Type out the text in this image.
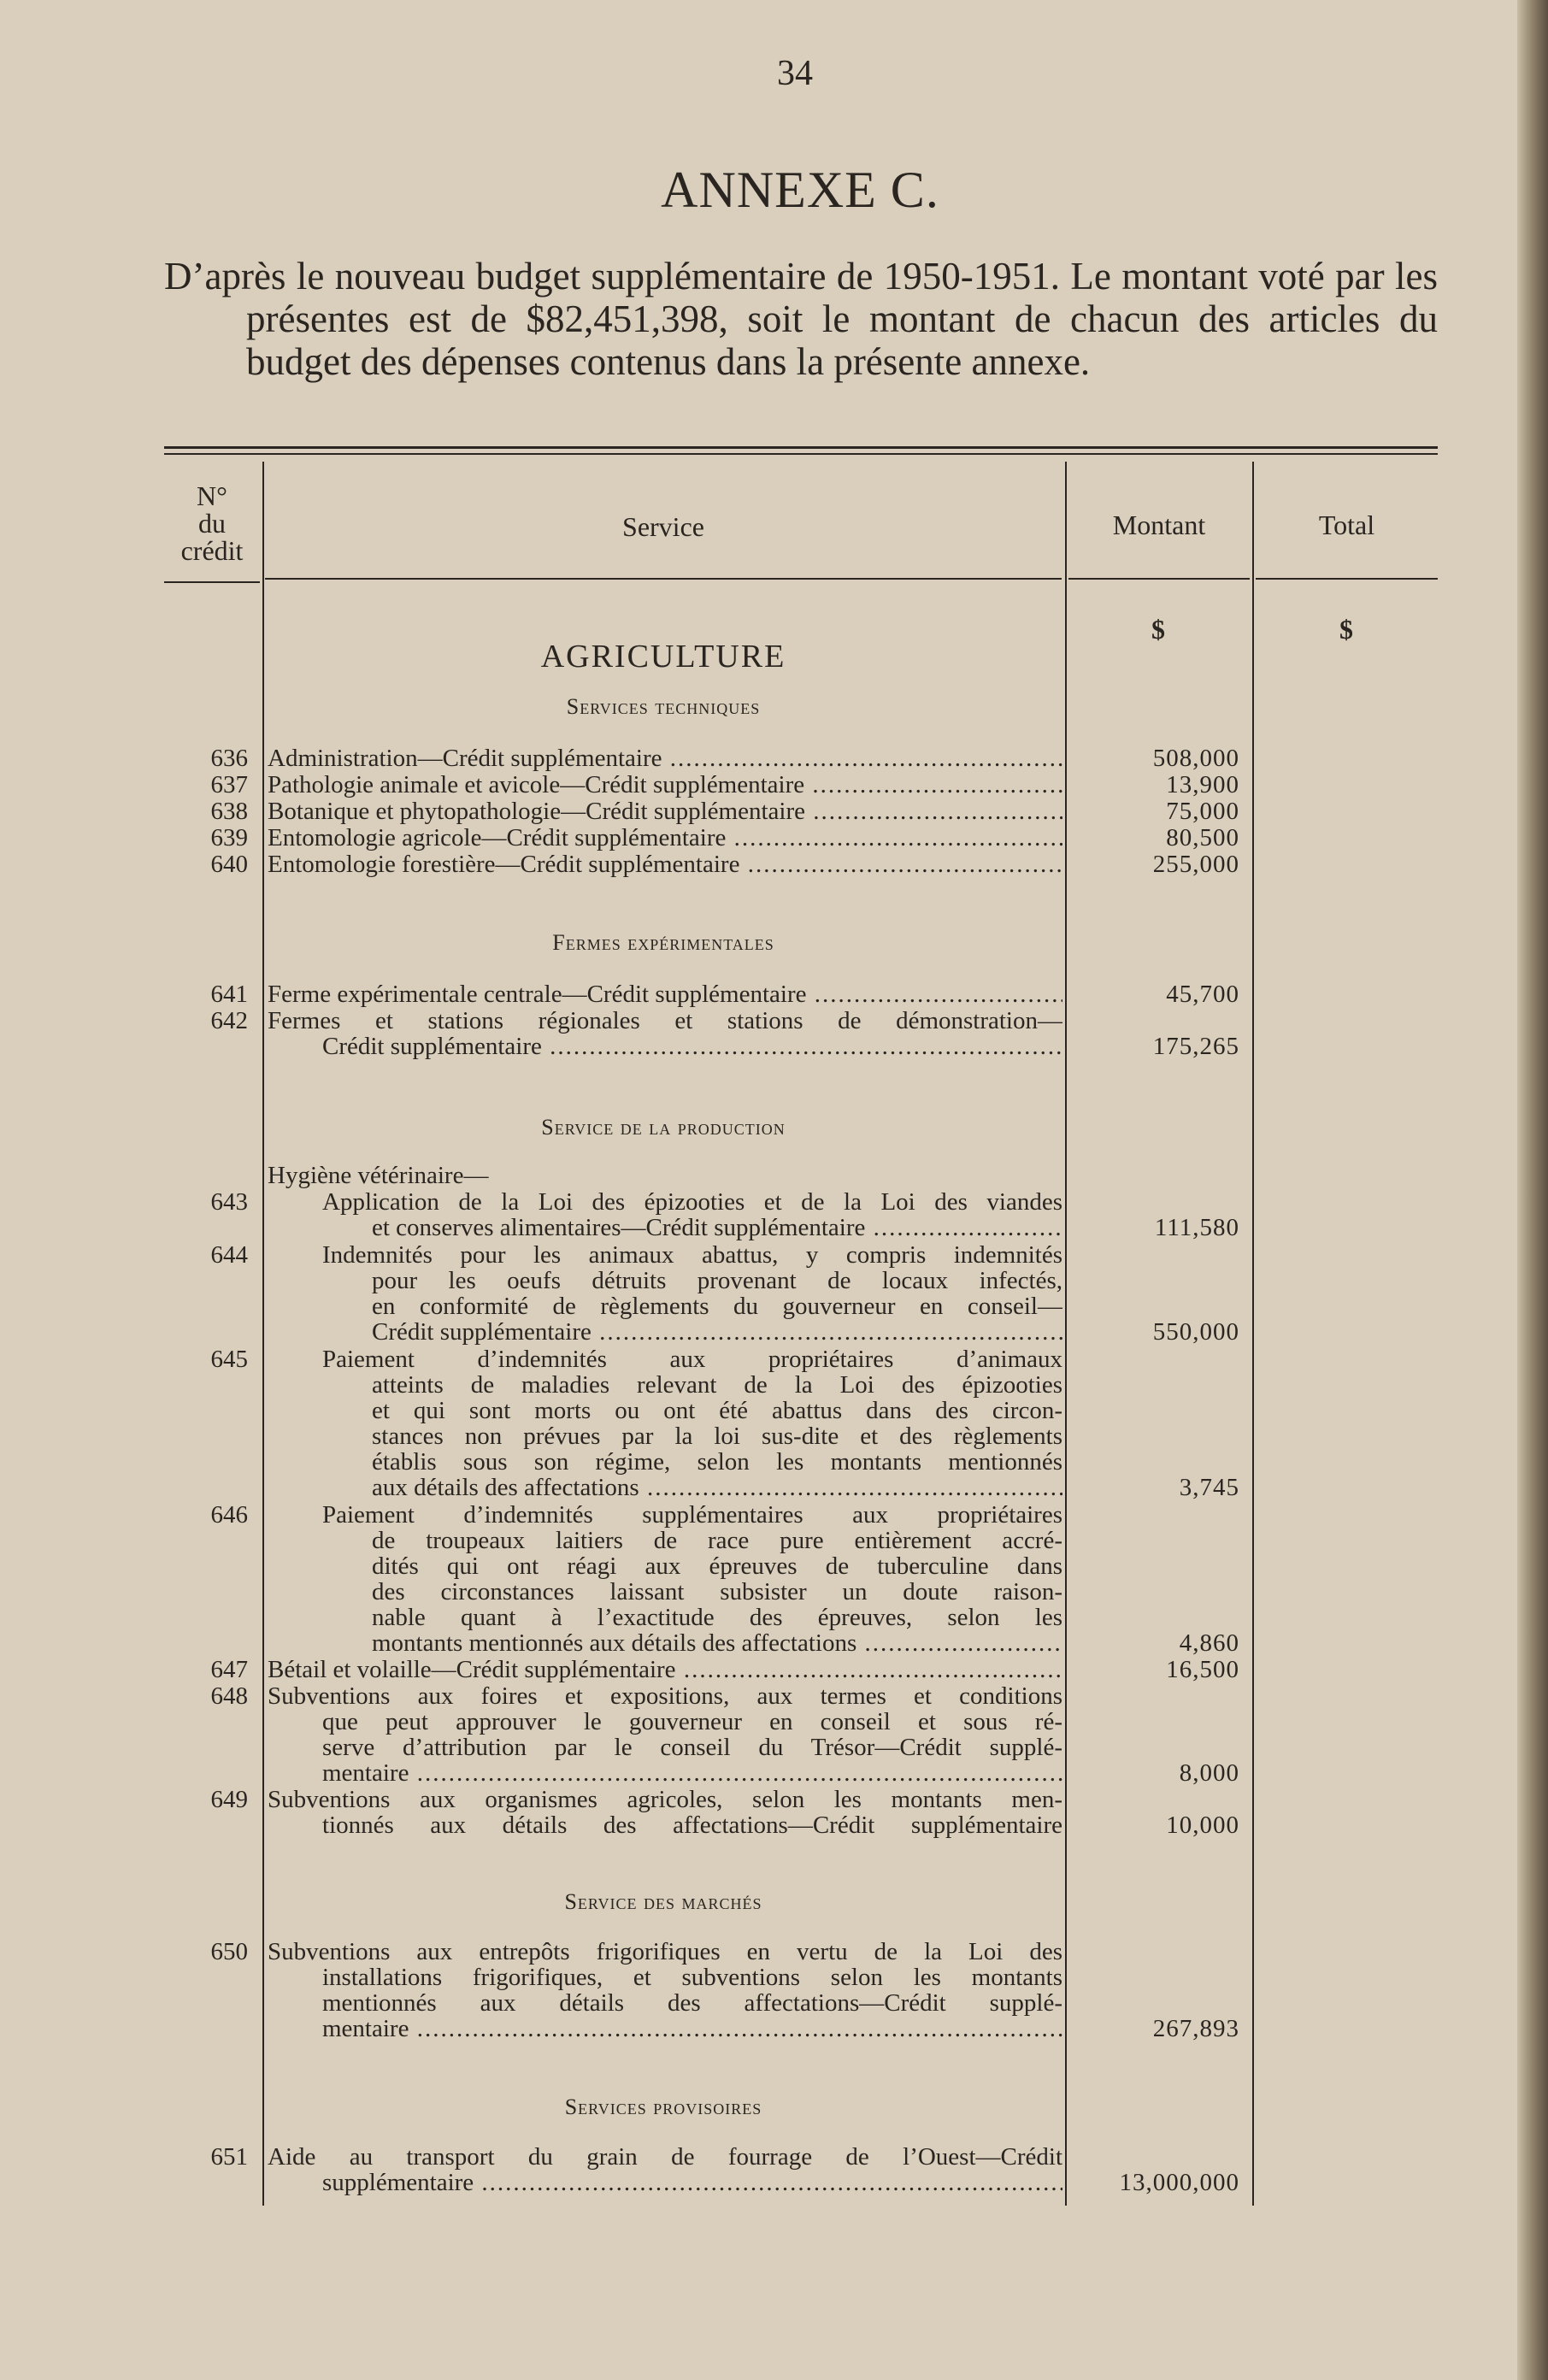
34
ANNEXE C.

D’après le nouveau budget supplémentaire de 1950-1951. Le montant voté par les présentes est de $82,451,398, soit le montant de chacun des articles du budget des dépenses contenus dans la présente annexe.

N°
du
crédit
Service	Montant	Total
$	$
AGRICULTURE
Services techniques
636 Administration—Crédit supplémentaire .....	508,000
637 Pathologie animale et avicole—Crédit supplémentaire .....	13,900
638 Botanique et phytopathologie—Crédit supplémentaire .....	75,000
639 Entomologie agricole—Crédit supplémentaire .....	80,500
640 Entomologie forestière—Crédit supplémentaire .....	255,000
Fermes expérimentales
641 Ferme expérimentale centrale—Crédit supplémentaire .....	45,700
642 Fermes et stations régionales et stations de démonstration—
Crédit supplémentaire .....	175,265
Service de la production
Hygiène vétérinaire—
643	Application de la Loi des épizooties et de la Loi des viandes
et conserves alimentaires—Crédit supplémentaire .....	111,580
644	Indemnités pour les animaux abattus, y compris indemnités
pour les oeufs détruits provenant de locaux infectés,
en conformité de règlements du gouverneur en conseil—
Crédit supplémentaire .....	550,000
645	Paiement d’indemnités aux propriétaires d’animaux
atteints de maladies relevant de la Loi des épizooties
et qui sont morts ou ont été abattus dans des circon-
stances non prévues par la loi sus-dite et des règlements
établis sous son régime, selon les montants mentionnés
aux détails des affectations .....	3,745
646	Paiement d’indemnités supplémentaires aux propriétaires
de troupeaux laitiers de race pure entièrement accré-
dités qui ont réagi aux épreuves de tuberculine dans
des circonstances laissant subsister un doute raison-
nable quant à l’exactitude des épreuves, selon les
montants mentionnés aux détails des affectations .....	4,860
647 Bétail et volaille—Crédit supplémentaire .....	16,500
648 Subventions aux foires et expositions, aux termes et conditions
que peut approuver le gouverneur en conseil et sous ré-
serve d’attribution par le conseil du Trésor—Crédit supplé-
mentaire .....	8,000
649 Subventions aux organismes agricoles, selon les montants men-
tionnés aux détails des affectations—Crédit supplémentaire	10,000
Service des marchés
650 Subventions aux entrepôts frigorifiques en vertu de la Loi des
installations frigorifiques, et subventions selon les montants
mentionnés aux détails des affectations—Crédit supplé-
mentaire .....	267,893
Services provisoires
651 Aide au transport du grain de fourrage de l’Ouest—Crédit
supplémentaire .....	13,000,000
